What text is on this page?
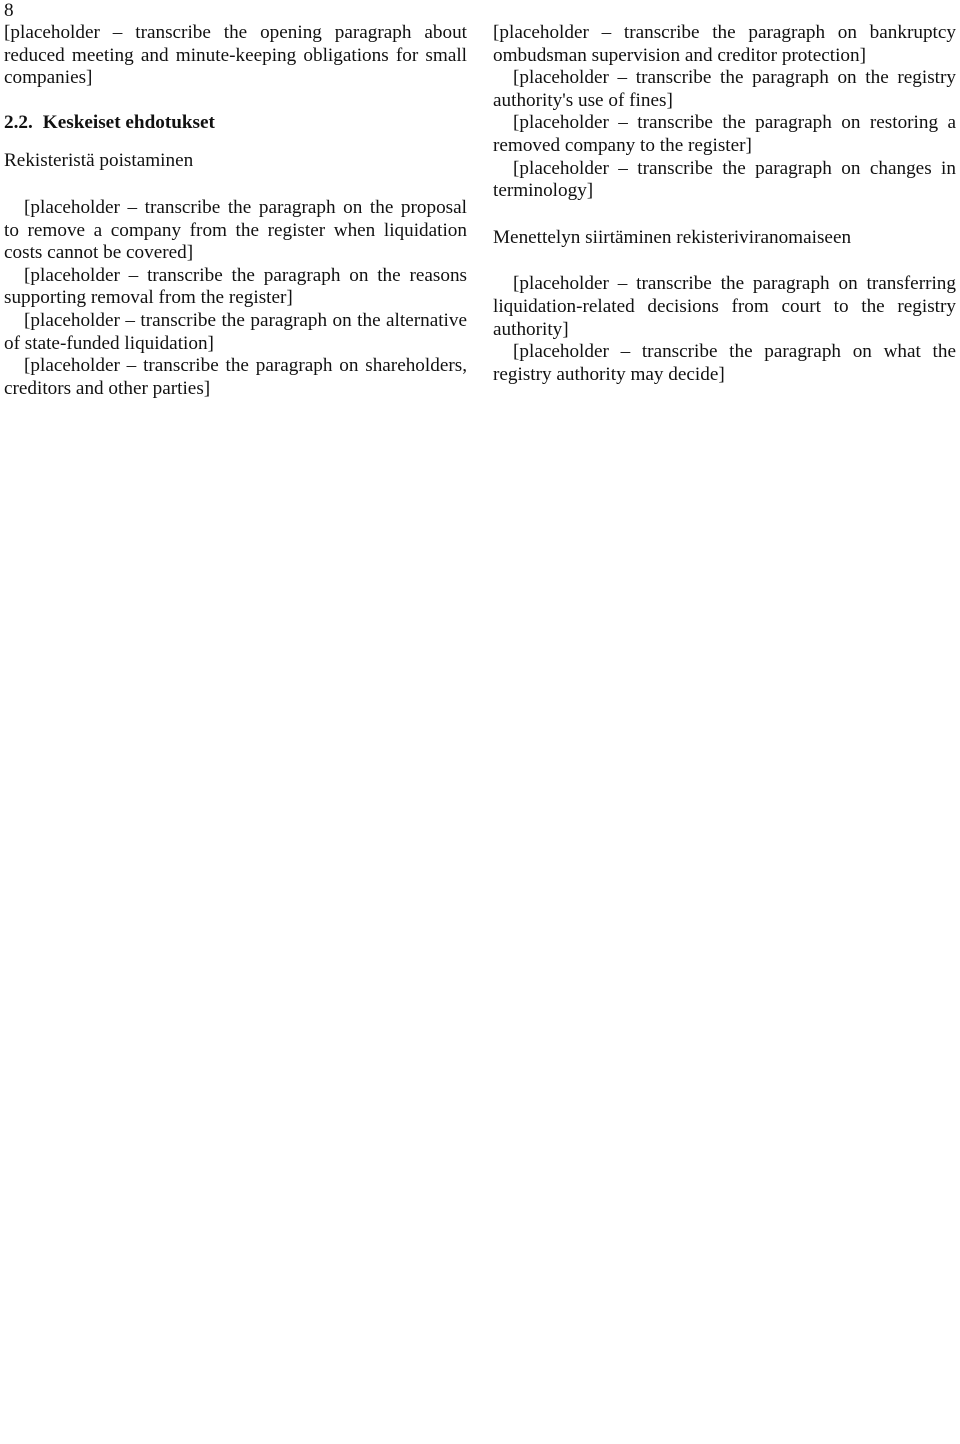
8

[placeholder – transcribe the opening paragraph about reduced meeting and minute-keeping obligations for small companies]

2.2. Keskeiset ehdotukset

Rekisteristä poistaminen

[placeholder – transcribe the paragraph on the proposal to remove a company from the register when liquidation costs cannot be covered]

[placeholder – transcribe the paragraph on the reasons supporting removal from the register]

[placeholder – transcribe the paragraph on the alternative of state-funded liquidation]

[placeholder – transcribe the paragraph on shareholders, creditors and other parties]

[placeholder – transcribe the paragraph on bankruptcy ombudsman supervision and creditor protection]

[placeholder – transcribe the paragraph on the registry authority's use of fines]

[placeholder – transcribe the paragraph on restoring a removed company to the register]

[placeholder – transcribe the paragraph on changes in terminology]

Menettelyn siirtäminen rekisteriviranomaiseen

[placeholder – transcribe the paragraph on transferring liquidation-related decisions from court to the registry authority]

[placeholder – transcribe the paragraph on what the registry authority may decide]
